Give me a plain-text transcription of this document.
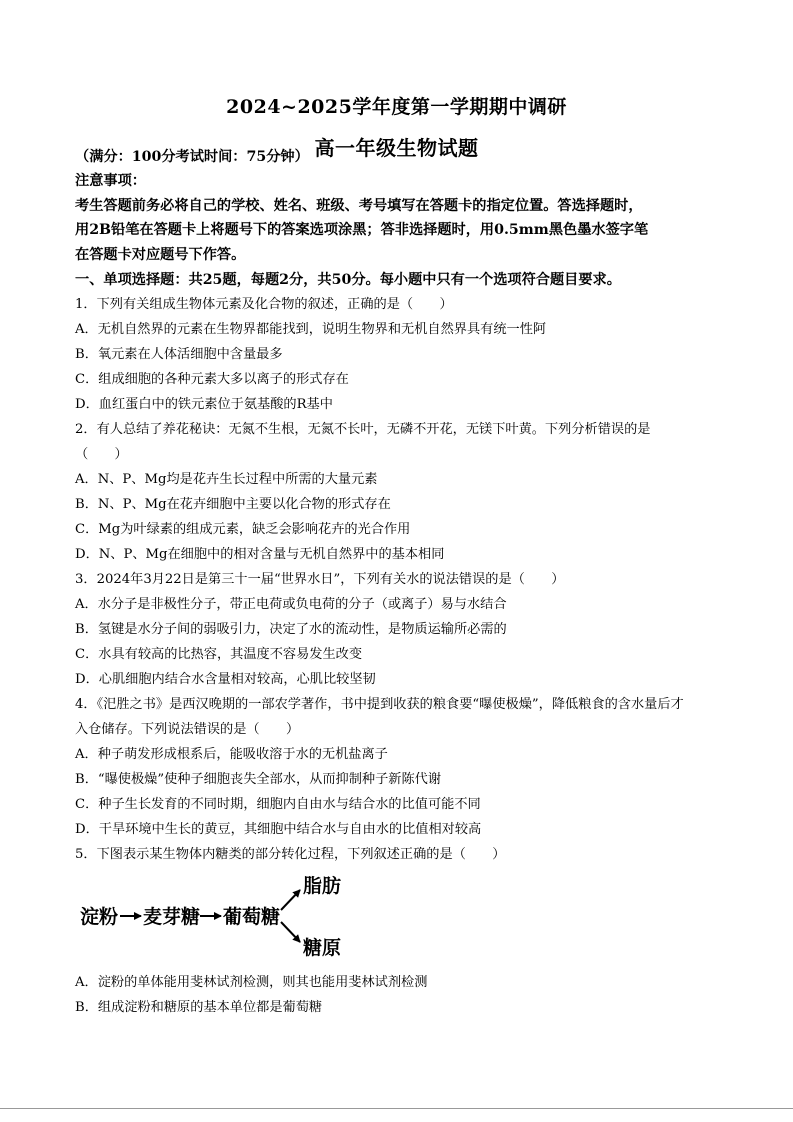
2024~2025学年度第一学期期中调研
高一年级生物试题
（满分：100分考试时间：75分钟）
注意事项：
考生答题前务必将自己的学校、姓名、班级、考号填写在答题卡的指定位置。答选择题时，
用2B铅笔在答题卡上将题号下的答案选项涂黑；答非选择题时，用0.5mm黑色墨水签字笔
在答题卡对应题号下作答。
一、单项选择题：共25题，每题2分，共50分。每小题中只有一个选项符合题目要求。
1．下列有关组成生物体元素及化合物的叙述，正确的是（　　）
A．无机自然界的元素在生物界都能找到，说明生物界和无机自然界具有统一性阿
B．氧元素在人体活细胞中含量最多
C．组成细胞的各种元素大多以离子的形式存在
D．血红蛋白中的铁元素位于氨基酸的R基中
2．有人总结了养花秘诀：无氮不生根，无氮不长叶，无磷不开花，无镁下叶黄。下列分析错误的是
（　　）
A．N、P、Mg均是花卉生长过程中所需的大量元素
B．N、P、Mg在花卉细胞中主要以化合物的形式存在
C．Mg为叶绿素的组成元素，缺乏会影响花卉的光合作用
D．N、P、Mg在细胞中的相对含量与无机自然界中的基本相同
3．2024年3月22日是第三十一届“世界水日”，下列有关水的说法错误的是（　　）
A．水分子是非极性分子，带正电荷或负电荷的分子（或离子）易与水结合
B．氢键是水分子间的弱吸引力，决定了水的流动性，是物质运输所必需的
C．水具有较高的比热容，其温度不容易发生改变
D．心肌细胞内结合水含量相对较高，心肌比较坚韧
4．《汜胜之书》是西汉晚期的一部农学著作，书中提到收获的粮食要“曝使极燥”，降低粮食的含水量后才
入仓储存。下列说法错误的是（　　）
A．种子萌发形成根系后，能吸收溶于水的无机盐离子
B．“曝使极燥”使种子细胞丧失全部水，从而抑制种子新陈代谢
C．种子生长发育的不同时期，细胞内自由水与结合水的比值可能不同
D．干旱环境中生长的黄豆，其细胞中结合水与自由水的比值相对较高
5．下图表示某生物体内糖类的部分转化过程，下列叙述正确的是（　　）
淀粉 麦芽糖 葡萄糖
脂肪
糖原
A．淀粉的单体能用斐林试剂检测，则其也能用斐林试剂检测
B．组成淀粉和糖原的基本单位都是葡萄糖
